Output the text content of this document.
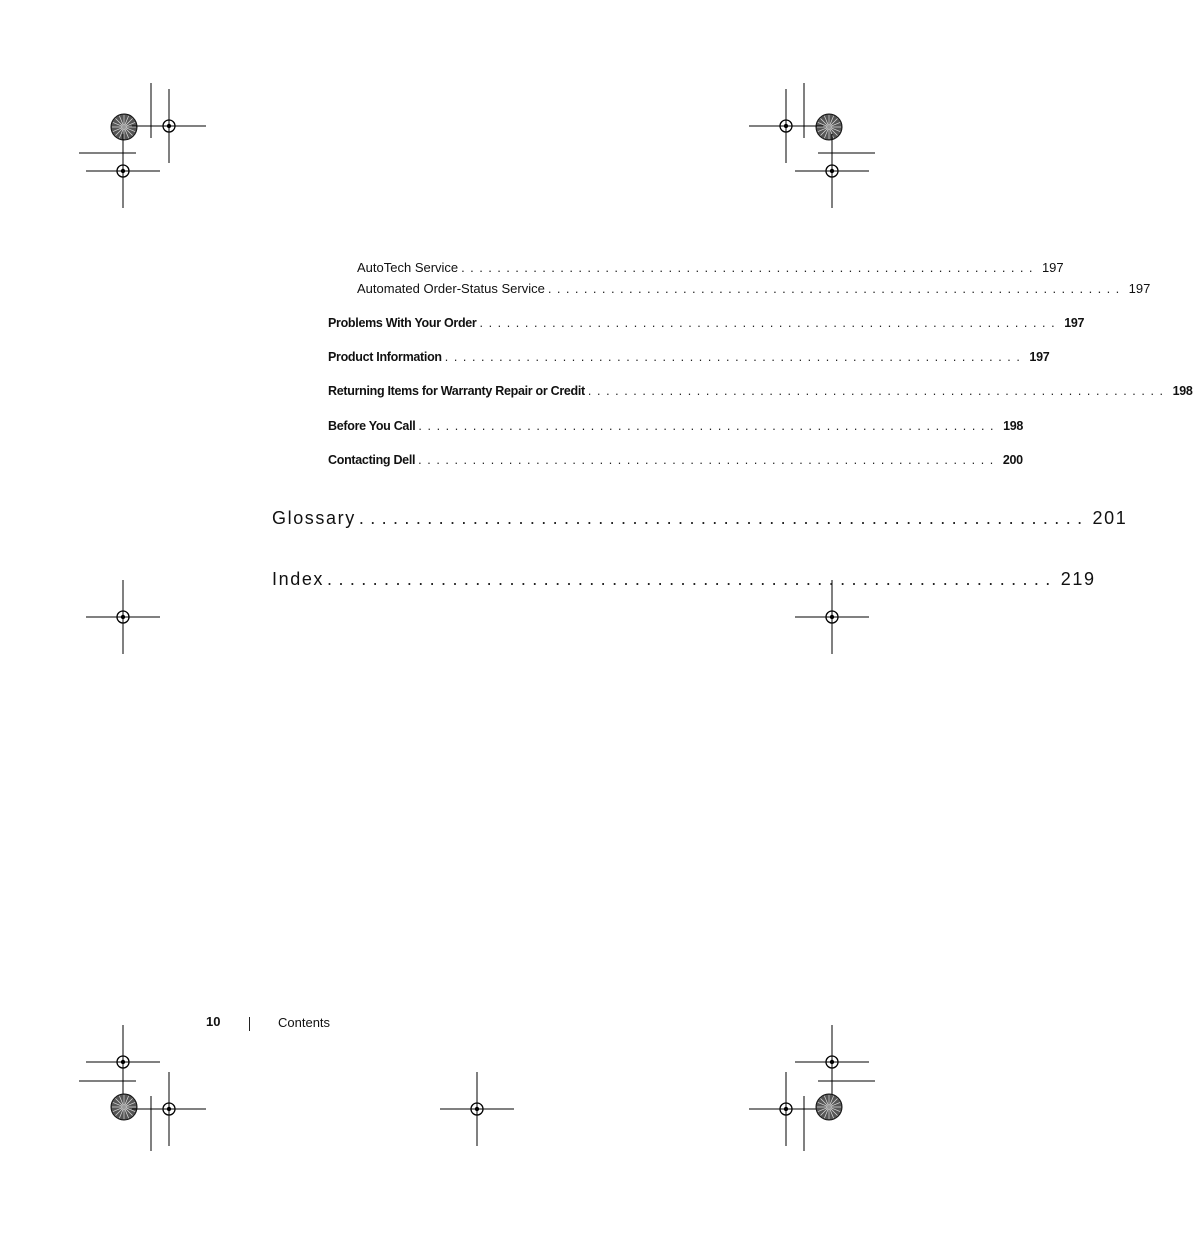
AutoTech Service ................................................................ 197
Automated Order-Status Service ................................................................ 197
Problems With Your Order ................................................................ 197
Product Information ................................................................ 197
Returning Items for Warranty Repair or Credit ................................................................ 198
Before You Call ................................................................ 198
Contacting Dell ................................................................ 200
Glossary ................................................................ 201
Index ................................................................ 219
10	Contents
